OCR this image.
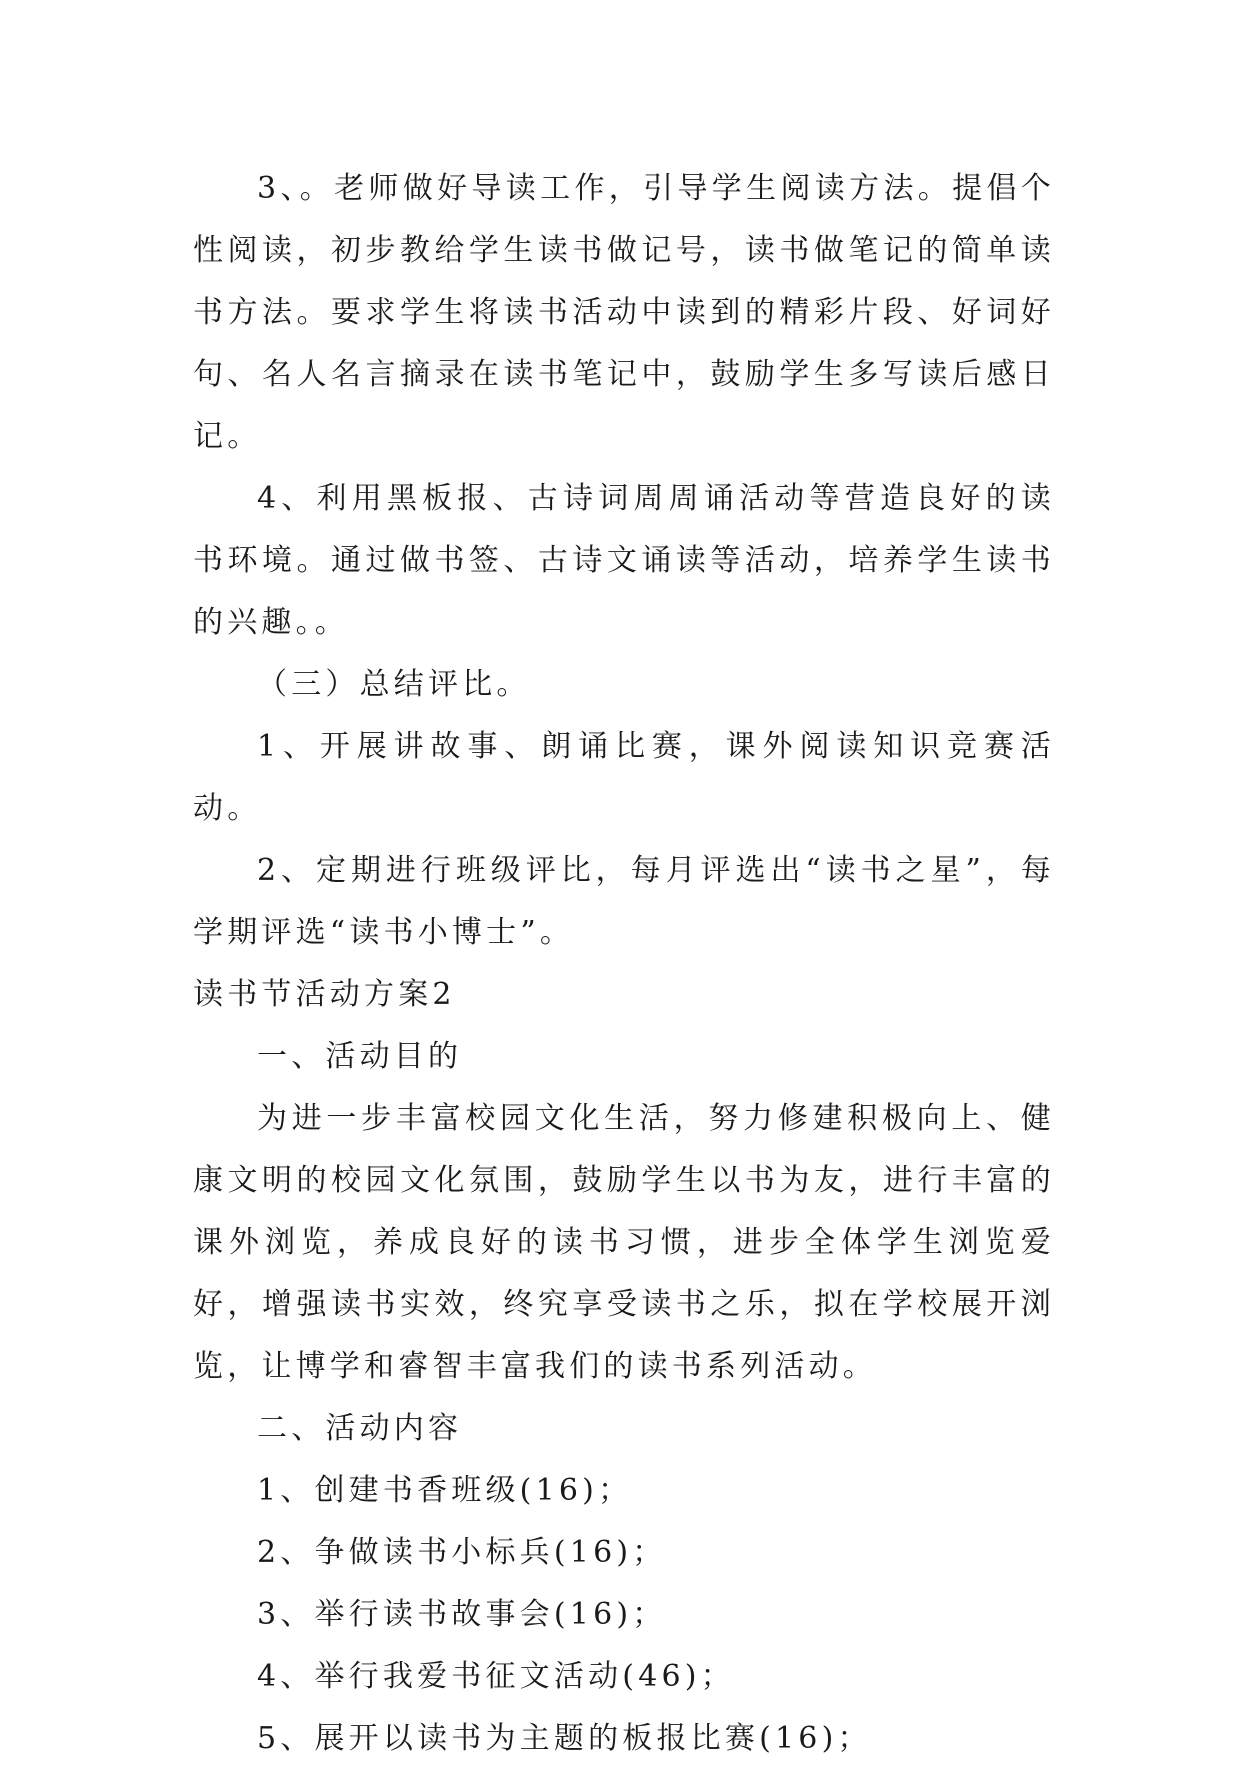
3、。老师做好导读工作，引导学生阅读方法。提倡个性阅读，初步教给学生读书做记号，读书做笔记的简单读书方法。要求学生将读书活动中读到的精彩片段、好词好句、名人名言摘录在读书笔记中，鼓励学生多写读后感日记。

4、利用黑板报、古诗词周周诵活动等营造良好的读书环境。通过做书签、古诗文诵读等活动，培养学生读书的兴趣。。

（三）总结评比。

1、开展讲故事、朗诵比赛，课外阅读知识竞赛活动。

2、定期进行班级评比，每月评选出“读书之星”，每学期评选“读书小博士”。

读书节活动方案2

一、活动目的

为进一步丰富校园文化生活，努力修建积极向上、健康文明的校园文化氛围，鼓励学生以书为友，进行丰富的课外浏览，养成良好的读书习惯，进步全体学生浏览爱好，增强读书实效，终究享受读书之乐，拟在学校展开浏览，让博学和睿智丰富我们的读书系列活动。

二、活动内容

1、创建书香班级(16)；

2、争做读书小标兵(16)；

3、举行读书故事会(16)；

4、举行我爱书征文活动(46)；

5、展开以读书为主题的板报比赛(16)；
